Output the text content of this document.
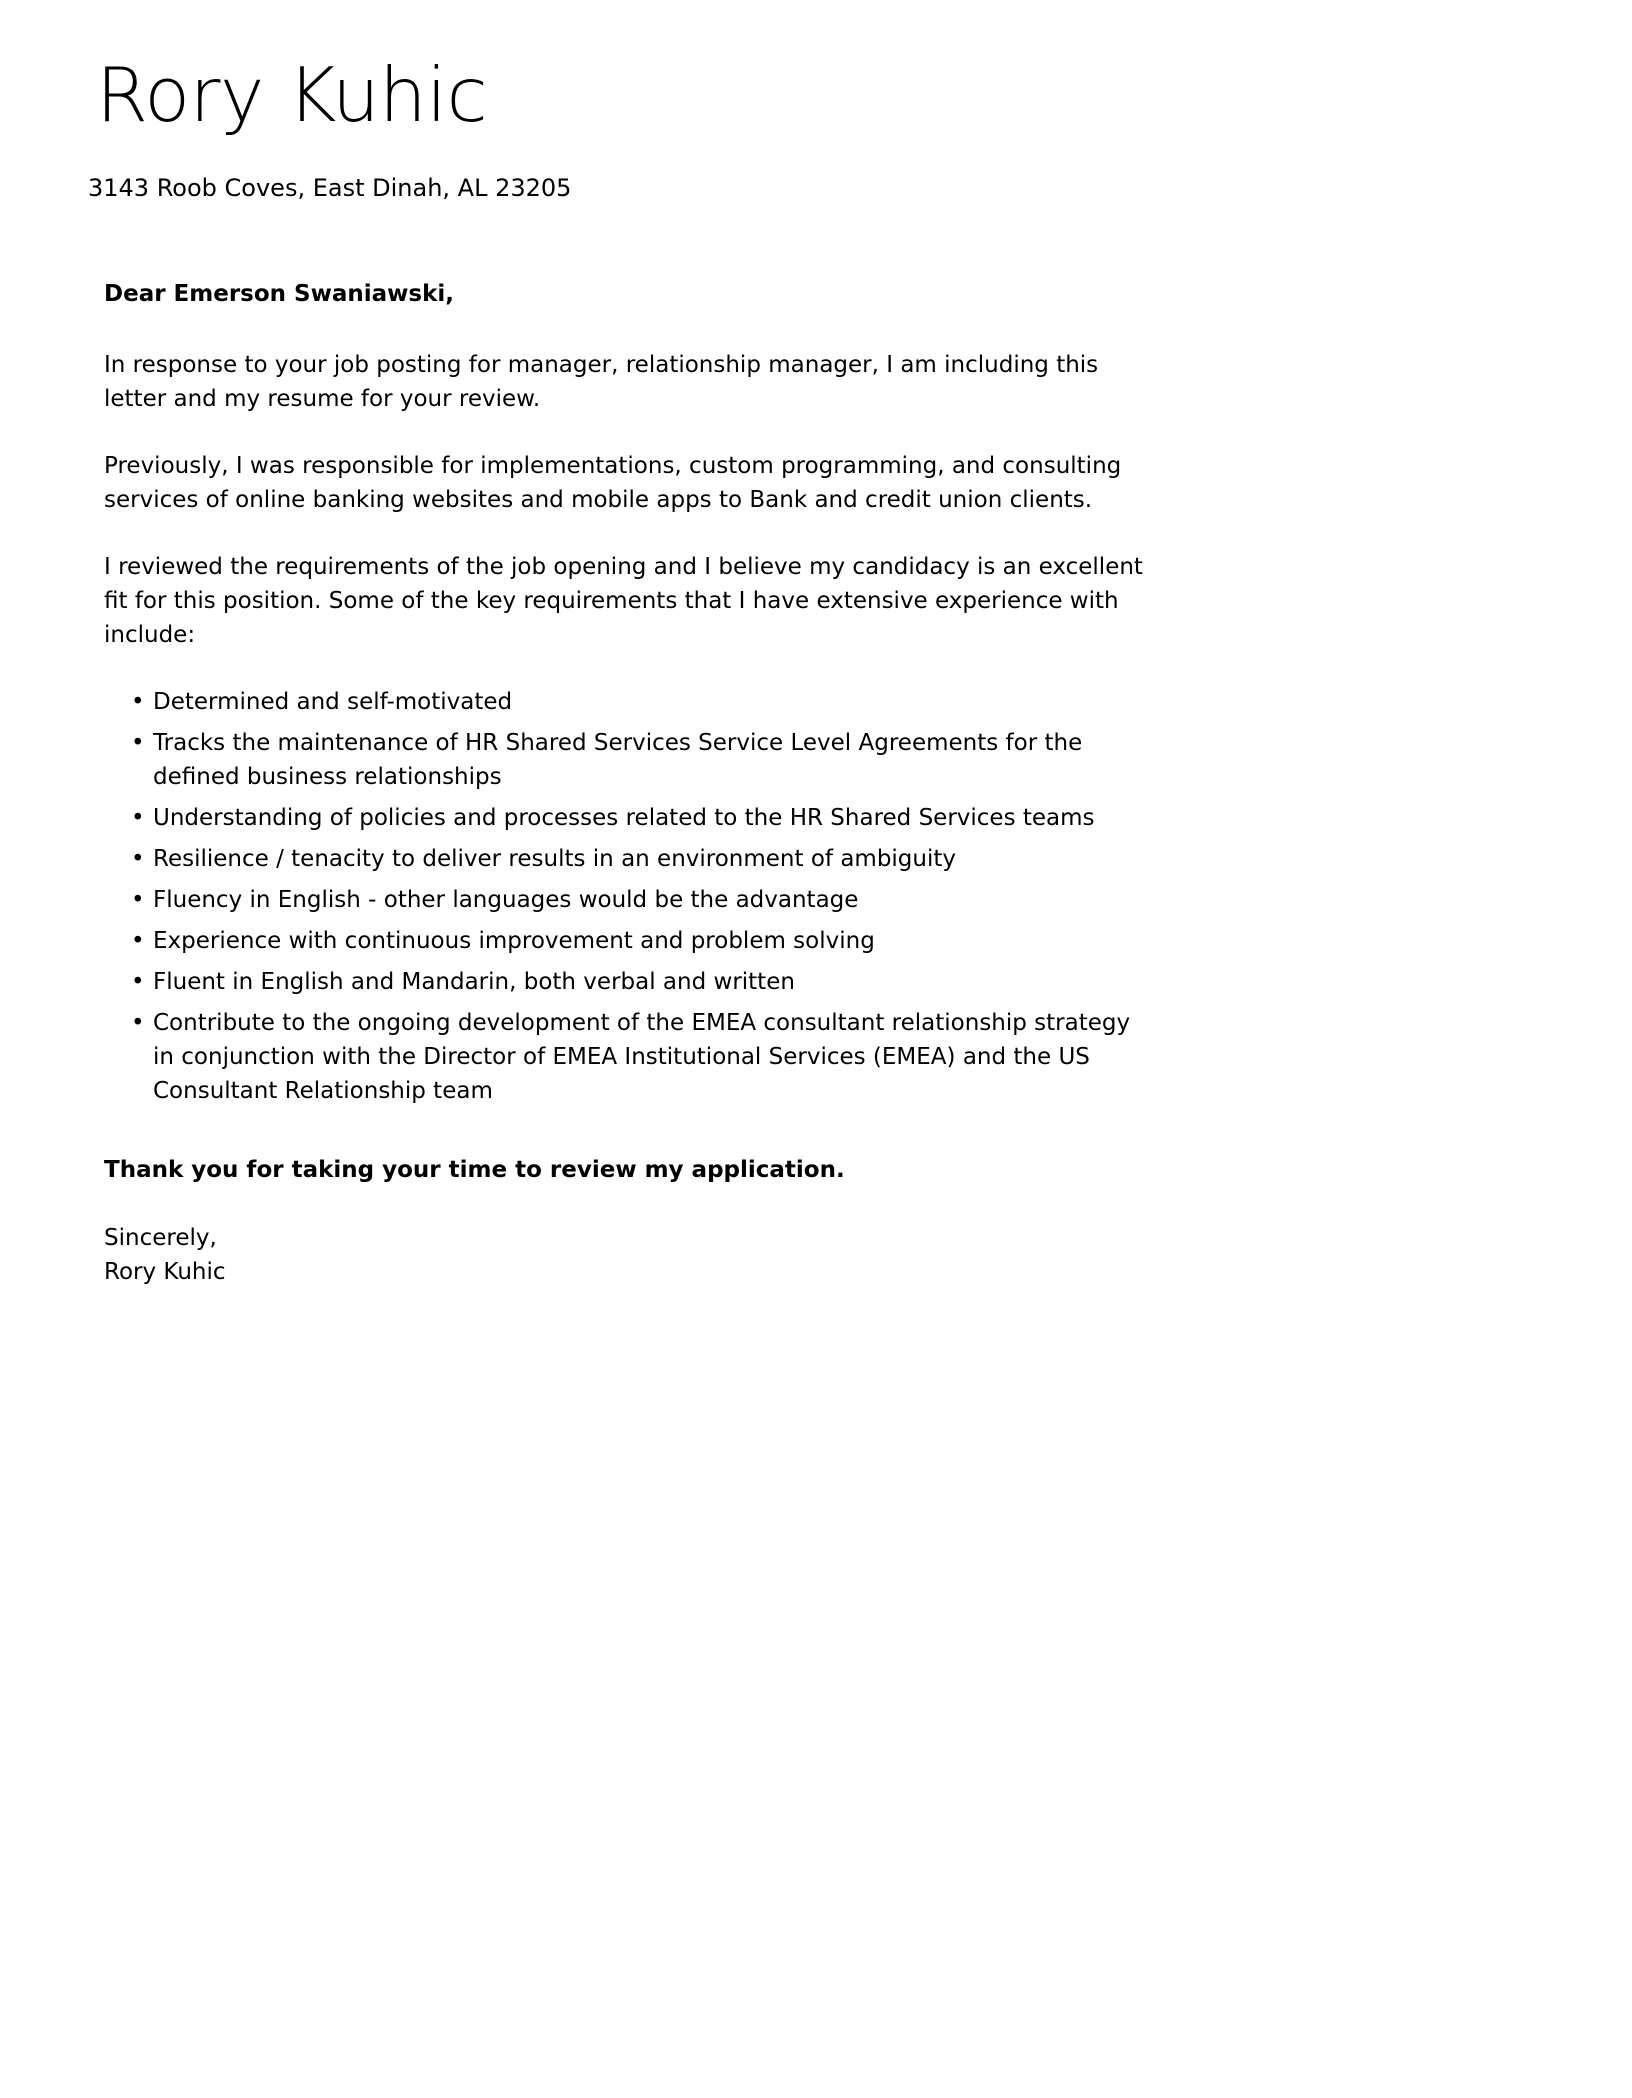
Rory Kuhic
3143 Roob Coves, East Dinah, AL 23205

Dear Emerson Swaniawski,

In response to your job posting for manager, relationship manager, I am including this letter and my resume for your review.

Previously, I was responsible for implementations, custom programming, and consulting services of online banking websites and mobile apps to Bank and credit union clients.

I reviewed the requirements of the job opening and I believe my candidacy is an excellent fit for this position. Some of the key requirements that I have extensive experience with include:

• Determined and self-motivated
• Tracks the maintenance of HR Shared Services Service Level Agreements for the defined business relationships
• Understanding of policies and processes related to the HR Shared Services teams
• Resilience / tenacity to deliver results in an environment of ambiguity
• Fluency in English - other languages would be the advantage
• Experience with continuous improvement and problem solving
• Fluent in English and Mandarin, both verbal and written
• Contribute to the ongoing development of the EMEA consultant relationship strategy in conjunction with the Director of EMEA Institutional Services (EMEA) and the US Consultant Relationship team

Thank you for taking your time to review my application.

Sincerely,
Rory Kuhic
